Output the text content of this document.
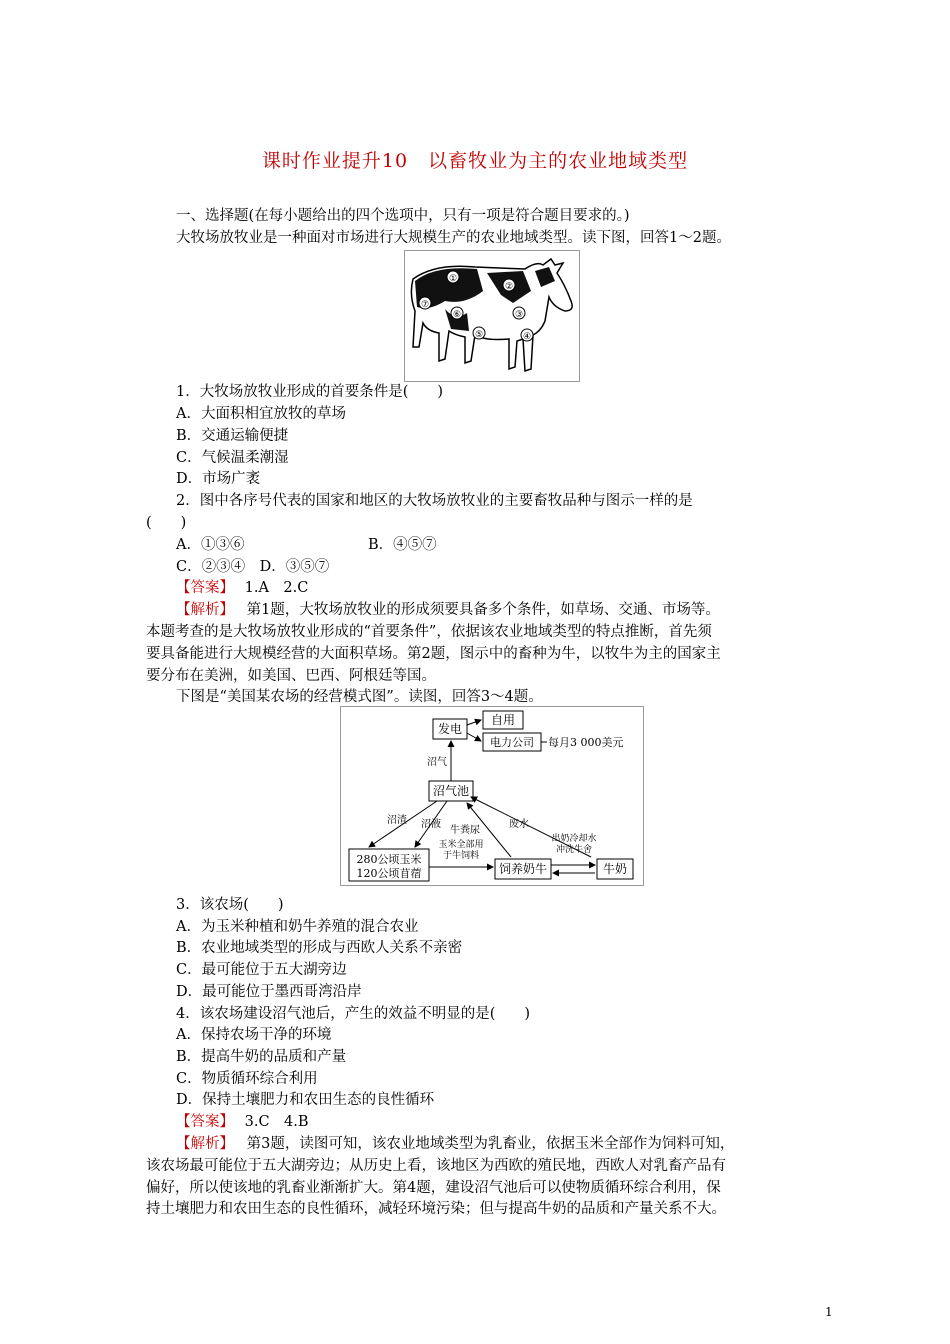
课时作业提升10　以畜牧业为主的农业地域类型
一、选择题(在每小题给出的四个选项中，只有一项是符合题目要求的。)
大牧场放牧业是一种面对市场进行大规模生产的农业地域类型。读下图，回答1～2题。
①
②
③
④
⑤
⑥
⑦
1．大牧场放牧业形成的首要条件是(　　)
A．大面积相宜放牧的草场
B．交通运输便捷
C．气候温柔潮湿
D．市场广袤
2．图中各序号代表的国家和地区的大牧场放牧业的主要畜牧品种与图示一样的是
(　　)
A．①③⑥	B．④⑤⑦
C．②③④　D．③⑤⑦
【答案】 1.A　2.C
【解析】 第1题，大牧场放牧业的形成须要具备多个条件，如草场、交通、市场等。
本题考查的是大牧场放牧业形成的“首要条件”，依据该农业地域类型的特点推断，首先须
要具备能进行大规模经营的大面积草场。第2题，图示中的畜种为牛，以牧牛为主的国家主
要分布在美洲，如美国、巴西、阿根廷等国。
下图是“美国某农场的经营模式图”。读图，回答3～4题。
发电
自用
电力公司 每月3 000美元
沼气池
280公顷玉米
120公顷苜蓿	饲养奶牛	牛奶
沼气
沼渣 沼液
牛粪尿
废水
玉米全部用
于牛饲料
出奶冷却水
冲洗牛舍
3．该农场(　　)
A．为玉米种植和奶牛养殖的混合农业
B．农业地域类型的形成与西欧人关系不亲密
C．最可能位于五大湖旁边
D．最可能位于墨西哥湾沿岸
4．该农场建设沼气池后，产生的效益不明显的是(　　)
A．保持农场干净的环境
B．提高牛奶的品质和产量
C．物质循环综合利用
D．保持土壤肥力和农田生态的良性循环
【答案】 3.C　4.B
【解析】 第3题，读图可知，该农业地域类型为乳畜业，依据玉米全部作为饲料可知，
该农场最可能位于五大湖旁边；从历史上看，该地区为西欧的殖民地，西欧人对乳畜产品有
偏好，所以使该地的乳畜业渐渐扩大。第4题，建设沼气池后可以使物质循环综合利用，保
持土壤肥力和农田生态的良性循环，减轻环境污染；但与提高牛奶的品质和产量关系不大。
1
